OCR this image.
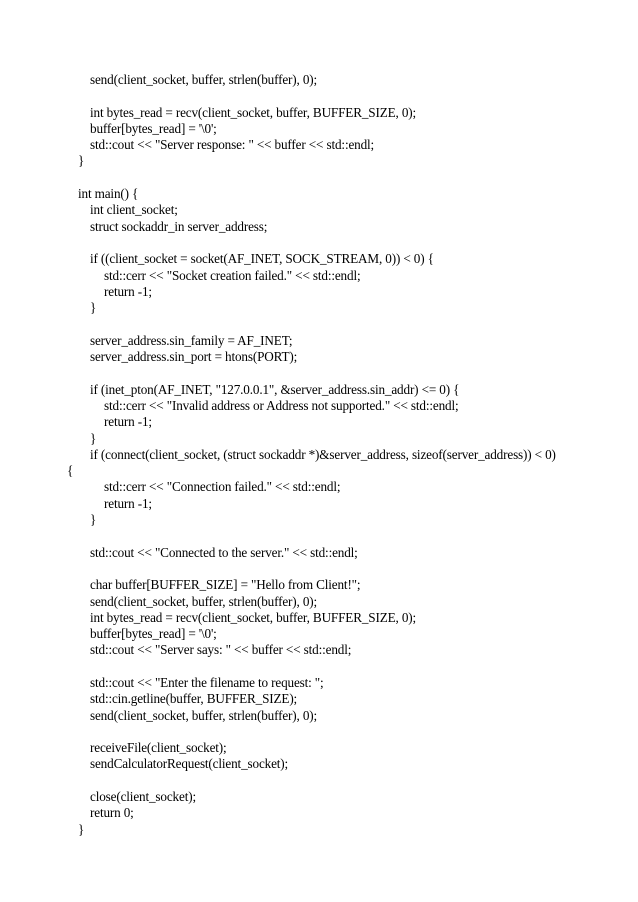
send(client_socket, buffer, strlen(buffer), 0);
int bytes_read = recv(client_socket, buffer, BUFFER_SIZE, 0);
buffer[bytes_read] = '\0';
std::cout << "Server response: " << buffer << std::endl;
}
int main() {
int client_socket;
struct sockaddr_in server_address;
if ((client_socket = socket(AF_INET, SOCK_STREAM, 0)) < 0) {
std::cerr << "Socket creation failed." << std::endl;
return -1;
}
server_address.sin_family = AF_INET;
server_address.sin_port = htons(PORT);
if (inet_pton(AF_INET, "127.0.0.1", &server_address.sin_addr) <= 0) {
std::cerr << "Invalid address or Address not supported." << std::endl;
return -1;
}
if (connect(client_socket, (struct sockaddr *)&server_address, sizeof(server_address)) < 0)
{
std::cerr << "Connection failed." << std::endl;
return -1;
}
std::cout << "Connected to the server." << std::endl;
char buffer[BUFFER_SIZE] = "Hello from Client!";
send(client_socket, buffer, strlen(buffer), 0);
int bytes_read = recv(client_socket, buffer, BUFFER_SIZE, 0);
buffer[bytes_read] = '\0';
std::cout << "Server says: " << buffer << std::endl;
std::cout << "Enter the filename to request: ";
std::cin.getline(buffer, BUFFER_SIZE);
send(client_socket, buffer, strlen(buffer), 0);
receiveFile(client_socket);
sendCalculatorRequest(client_socket);
close(client_socket);
return 0;
}
